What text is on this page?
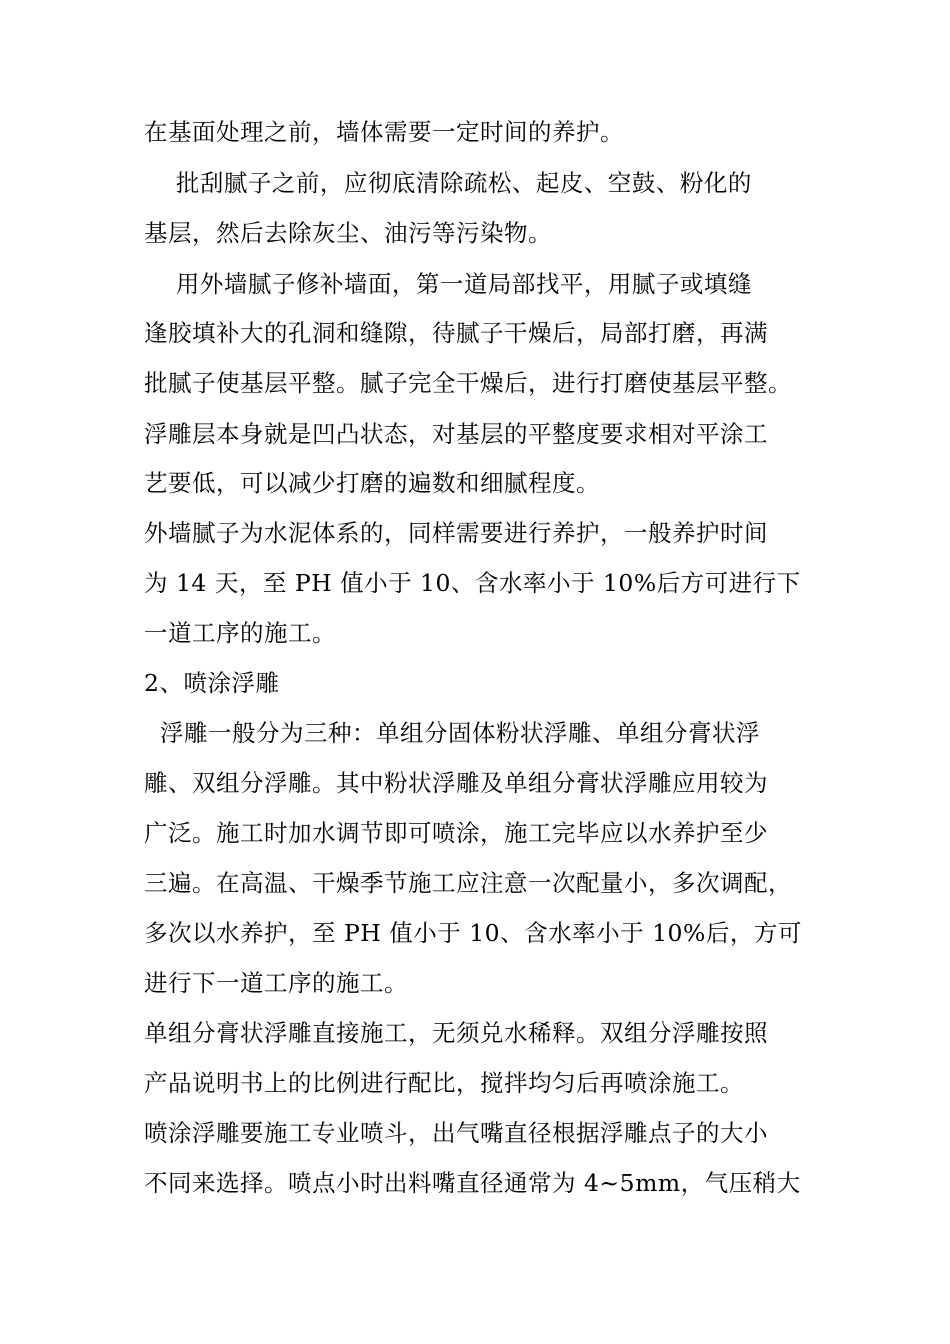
在基面处理之前，墙体需要一定时间的养护。
批刮腻子之前，应彻底清除疏松、起皮、空鼓、粉化的
基层，然后去除灰尘、油污等污染物。
用外墙腻子修补墙面，第一道局部找平，用腻子或填缝
逢胶填补大的孔洞和缝隙，待腻子干燥后，局部打磨，再满
批腻子使基层平整。腻子完全干燥后，进行打磨使基层平整。
浮雕层本身就是凹凸状态，对基层的平整度要求相对平涂工
艺要低，可以减少打磨的遍数和细腻程度。
外墙腻子为水泥体系的，同样需要进行养护，一般养护时间
为 14 天，至 PH 值小于 10、含水率小于 10%后方可进行下
一道工序的施工。
2、喷涂浮雕
浮雕一般分为三种：单组分固体粉状浮雕、单组分膏状浮
雕、双组分浮雕。其中粉状浮雕及单组分膏状浮雕应用较为
广泛。施工时加水调节即可喷涂，施工完毕应以水养护至少
三遍。在高温、干燥季节施工应注意一次配量小，多次调配，
多次以水养护，至 PH 值小于 10、含水率小于 10%后，方可
进行下一道工序的施工。
单组分膏状浮雕直接施工，无须兑水稀释。双组分浮雕按照
产品说明书上的比例进行配比，搅拌均匀后再喷涂施工。
喷涂浮雕要施工专业喷斗，出气嘴直径根据浮雕点子的大小
不同来选择。喷点小时出料嘴直径通常为 4~5mm，气压稍大
